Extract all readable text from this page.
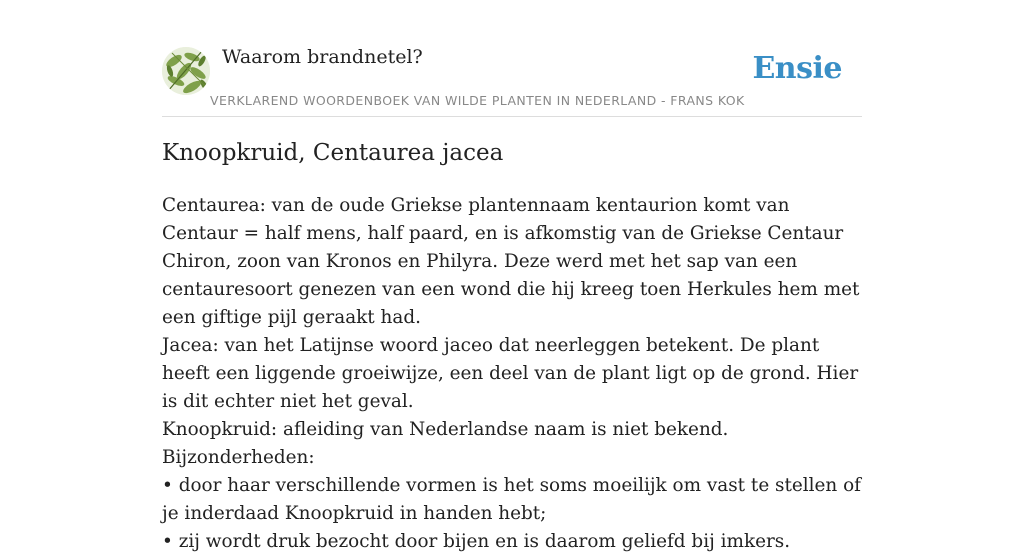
Waarom brandnetel?	Ensie
VERKLAREND WOORDENBOEK VAN WILDE PLANTEN IN NEDERLAND - FRANS KOK
Knoopkruid, Centaurea jacea

Centaurea: van de oude Griekse plantennaam kentaurion komt van Centaur = half mens, half paard, en is afkomstig van de Griekse Centaur Chiron, zoon van Kronos en Philyra. Deze werd met het sap van een centauresoort genezen van een wond die hij kreeg toen Herkules hem met een giftige pijl geraakt had.

Jacea: van het Latijnse woord jaceo dat neerleggen betekent. De plant heeft een liggende groeiwijze, een deel van de plant ligt op de grond. Hier is dit echter niet het geval.

Knoopkruid: afleiding van Nederlandse naam is niet bekend.

Bijzonderheden:

• door haar verschillende vormen is het soms moeilijk om vast te stellen of je inderdaad Knoopkruid in handen hebt;

• zij wordt druk bezocht door bijen en is daarom geliefd bij imkers.
